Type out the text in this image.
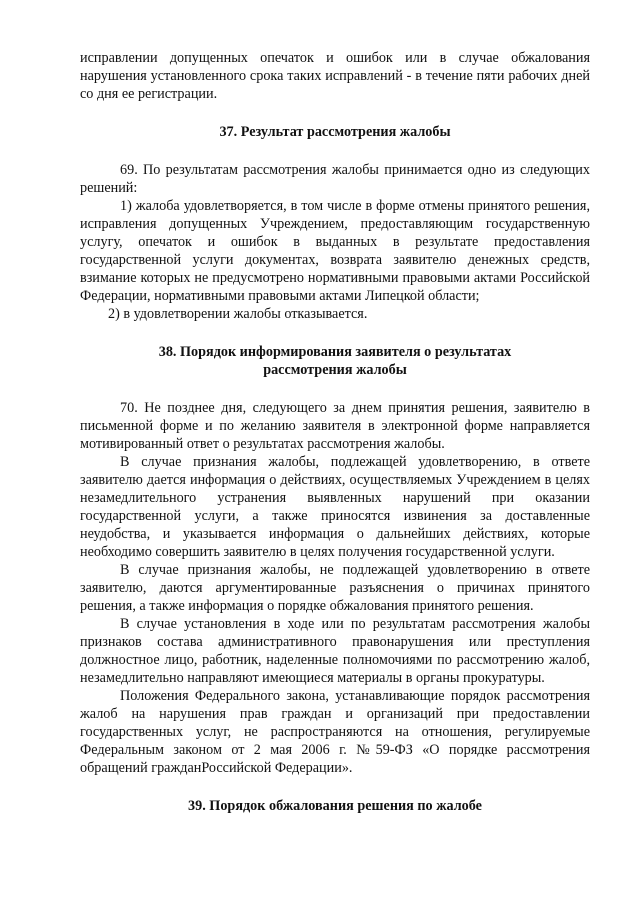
исправлении допущенных опечаток и ошибок или в случае обжалования нарушения установленного срока таких исправлений - в течение пяти рабочих дней со дня ее регистрации.

37. Результат рассмотрения жалобы

69. По результатам рассмотрения жалобы принимается одно из следующих решений:

1) жалоба удовлетворяется, в том числе в форме отмены принятого решения, исправления допущенных Учреждением, предоставляющим государственную услугу, опечаток и ошибок в выданных в результате предоставления государственной услуги документах, возврата заявителю денежных средств, взимание которых не предусмотрено нормативными правовыми актами Российской Федерации, нормативными правовыми актами Липецкой области;

2) в удовлетворении жалобы отказывается.

38. Порядок информирования заявителя о результатах

рассмотрения жалобы

70. Не позднее дня, следующего за днем принятия решения, заявителю в письменной форме и по желанию заявителя в электронной форме направляется мотивированный ответ о результатах рассмотрения жалобы.

В случае признания жалобы, подлежащей удовлетворению, в ответе заявителю дается информация о действиях, осуществляемых Учреждением в целях незамедлительного устранения выявленных нарушений при оказании государственной услуги, а также приносятся извинения за доставленные неудобства, и указывается информация о дальнейших действиях, которые необходимо совершить заявителю в целях получения государственной услуги.

В случае признания жалобы, не подлежащей удовлетворению в ответе заявителю, даются аргументированные разъяснения о причинах принятого решения, а также информация о порядке обжалования принятого решения.

В случае установления в ходе или по результатам рассмотрения жалобы признаков состава административного правонарушения или преступления должностное лицо, работник, наделенные полномочиями по рассмотрению жалоб, незамедлительно направляют имеющиеся материалы в органы прокуратуры.

Положения Федерального закона, устанавливающие порядок рассмотрения жалоб на нарушения прав граждан и организаций при предоставлении государственных услуг, не распространяются на отношения, регулируемые Федеральным законом от 2 мая 2006 г. №59-ФЗ «О порядке рассмотрения обращений гражданРоссийской Федерации».

39. Порядок обжалования решения по жалобе
